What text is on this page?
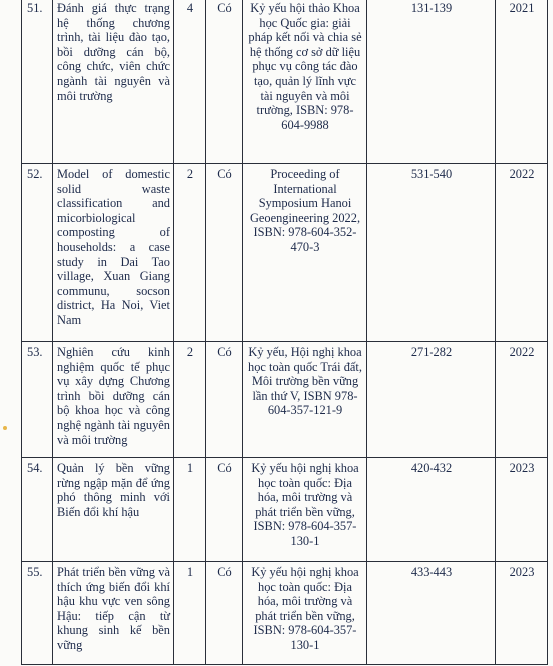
51.	Đánh giá thực trạng hệ thống chương trình, tài liệu đào tạo, bồi dưỡng cán bộ, công chức, viên chức ngành tài nguyên và môi trường	4	Có	Kỷ yếu hội thảo Khoa học Quốc gia: giải pháp kết nối và chia sẻ hệ thống cơ sở dữ liệu phục vụ công tác đào tạo, quản lý lĩnh vực tài nguyên và môi trường, ISBN: 978-604-9988	131-139	2021
52.	Model of domestic solid waste classification and micorbiological composting of households: a case study in Dai Tao village, Xuan Giang communu, socson district, Ha Noi, Viet Nam	2	Có	Proceeding of International Symposium Hanoi Geoengineering 2022, ISBN: 978-604-352-470-3	531-540	2022
53.	Nghiên cứu kinh nghiệm quốc tế phục vụ xây dựng Chương trình bồi dưỡng cán bộ khoa học và công nghệ ngành tài nguyên và môi trường	2	Có	Kỷ yếu, Hội nghị khoa học toàn quốc Trái đất, Môi trường bền vững lần thứ V, ISBN 978-604-357-121-9	271-282	2022
54.	Quản lý bền vững rừng ngập mặn để ứng phó thông minh với Biến đổi khí hậu	1	Có	Kỷ yếu hội nghị khoa học toàn quốc: Địa hóa, môi trường và phát triển bền vững, ISBN: 978-604-357-130-1	420-432	2023
55.	Phát triển bền vững và thích ứng biến đổi khí hậu khu vực ven sông Hậu: tiếp cận từ khung sinh kế bền vững	1	Có	Kỷ yếu hội nghị khoa học toàn quốc: Địa hóa, môi trường và phát triển bền vững, ISBN: 978-604-357-130-1	433-443	2023
